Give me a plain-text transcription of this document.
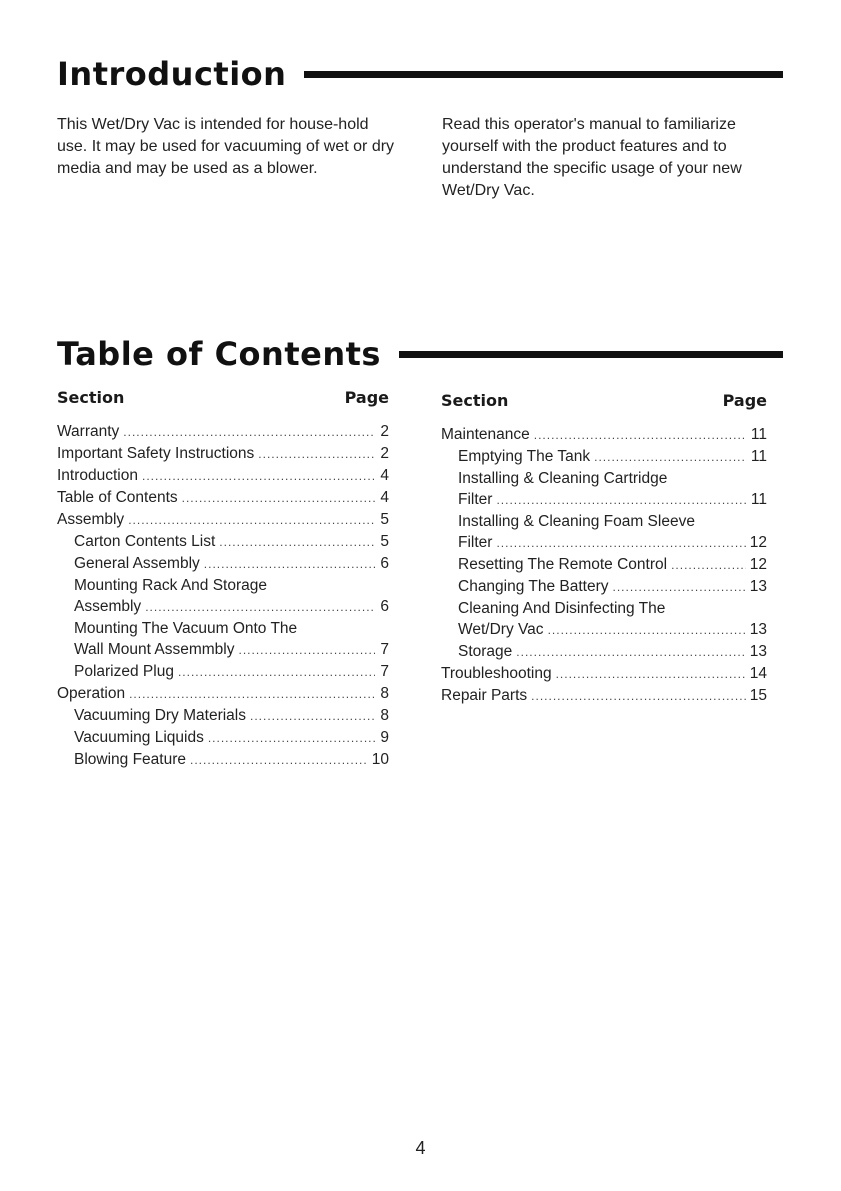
Introduction

This Wet/Dry Vac is intended for house-hold use. It may be used for vacuuming of wet or dry media and may be used as a blower.

Read this operator's manual to familiarize yourself with the product features and to understand the specific usage of your new Wet/Dry Vac.

Table of Contents
Section	Page
Warranty .....	2
Important Safety Instructions .....	2
Introduction .....	4
Table of Contents .....	4
Assembly .....	5
Carton Contents List .....	5
General Assembly .....	6
Mounting Rack And Storage
Assembly .....	6
Mounting The Vacuum Onto The
Wall Mount Assemmbly .....	7
Polarized Plug .....	7
Operation .....	8
Vacuuming Dry Materials .....	8
Vacuuming Liquids .....	9
Blowing Feature .....	10
Section	Page
Maintenance .....	11
Emptying The Tank .....	11
Installing & Cleaning Cartridge
Filter .....	11
Installing & Cleaning Foam Sleeve
Filter .....	12
Resetting The Remote Control .....	12
Changing The Battery .....	13
Cleaning And Disinfecting The
Wet/Dry Vac .....	13
Storage .....	13
Troubleshooting .....	14
Repair Parts .....	15
4
